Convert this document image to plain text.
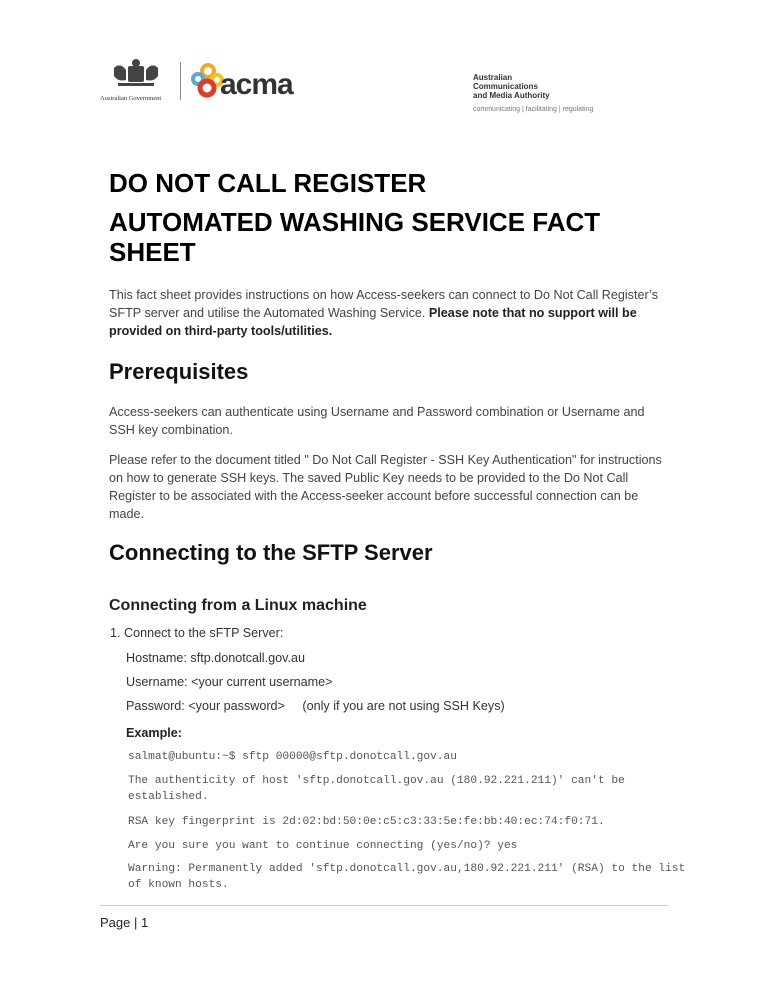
Australian Government	acma	Australian
Communications
and Media Authority
communicating | facilitating | regulating
DO NOT CALL REGISTER
AUTOMATED WASHING SERVICE FACT SHEET
This fact sheet provides instructions on how Access-seekers can connect to Do Not Call Register’s SFTP server and utilise the Automated Washing Service. Please note that no support will be provided on third-party tools/utilities.
Prerequisites
Access-seekers can authenticate using Username and Password combination or Username and SSH key combination.
Please refer to the document titled " Do Not Call Register - SSH Key Authentication" for instructions on how to generate SSH keys. The saved Public Key needs to be provided to the Do Not Call Register to be associated with the Access-seeker account before successful connection can be made.
Connecting to the SFTP Server
Connecting from a Linux machine
1. Connect to the sFTP Server:
Hostname: sftp.donotcall.gov.au
Username: <your current username>
Password: <your password>     (only if you are not using SSH Keys)
Example:
salmat@ubuntu:~$ sftp 00000@sftp.donotcall.gov.au
The authenticity of host 'sftp.donotcall.gov.au (180.92.221.211)' can't be established.
RSA key fingerprint is 2d:02:bd:50:0e:c5:c3:33:5e:fe:bb:40:ec:74:f0:71.
Are you sure you want to continue connecting (yes/no)? yes
Warning: Permanently added 'sftp.donotcall.gov.au,180.92.221.211' (RSA) to the list of known hosts.
Page | 1
